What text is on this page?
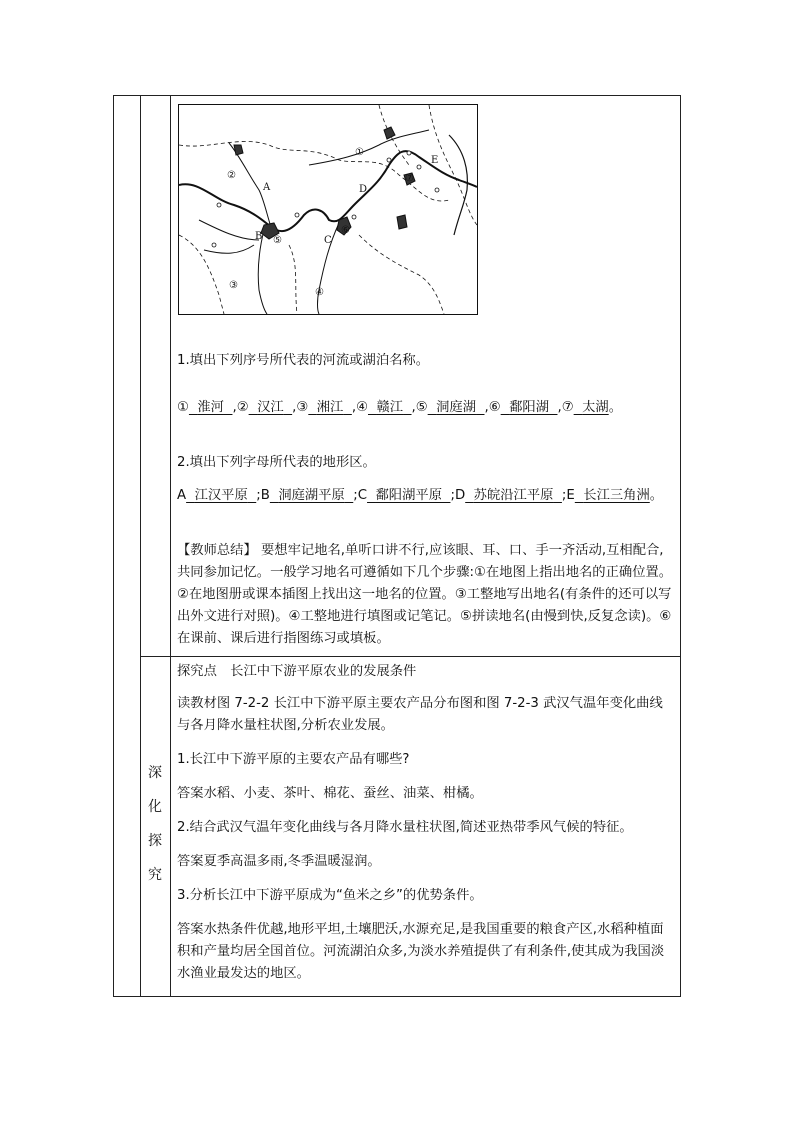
深
化
探
究
①
②
③
④
⑤
⑥
⑦
A
B	C
D
E

1.填出下列序号所代表的河流或湖泊名称。

① 淮河 ,② 汉江 ,③ 湘江 ,④ 赣江 ,⑤ 洞庭湖 ,⑥ 鄱阳湖 ,⑦ 太湖。

2.填出下列字母所代表的地形区。

A 江汉平原 ;B 洞庭湖平原 ;C 鄱阳湖平原 ;D 苏皖沿江平原 ;E 长江三角洲。

【教师总结】 要想牢记地名,单听口讲不行,应该眼、耳、口、手一齐活动,互相配合,共同参加记忆。一般学习地名可遵循如下几个步骤:①在地图上指出地名的正确位置。②在地图册或课本插图上找出这一地名的位置。③工整地写出地名(有条件的还可以写出外文进行对照)。④工整地进行填图或记笔记。⑤拼读地名(由慢到快,反复念读)。⑥在课前、课后进行指图练习或填板。

探究点　长江中下游平原农业的发展条件

读教材图 7-2-2 长江中下游平原主要农产品分布图和图 7-2-3 武汉气温年变化曲线与各月降水量柱状图,分析农业发展。

1.长江中下游平原的主要农产品有哪些?

答案水稻、小麦、茶叶、棉花、蚕丝、油菜、柑橘。

2.结合武汉气温年变化曲线与各月降水量柱状图,简述亚热带季风气候的特征。

答案夏季高温多雨,冬季温暖湿润。

3.分析长江中下游平原成为“鱼米之乡”的优势条件。

答案水热条件优越,地形平坦,土壤肥沃,水源充足,是我国重要的粮食产区,水稻种植面积和产量均居全国首位。河流湖泊众多,为淡水养殖提供了有利条件,使其成为我国淡水渔业最发达的地区。
